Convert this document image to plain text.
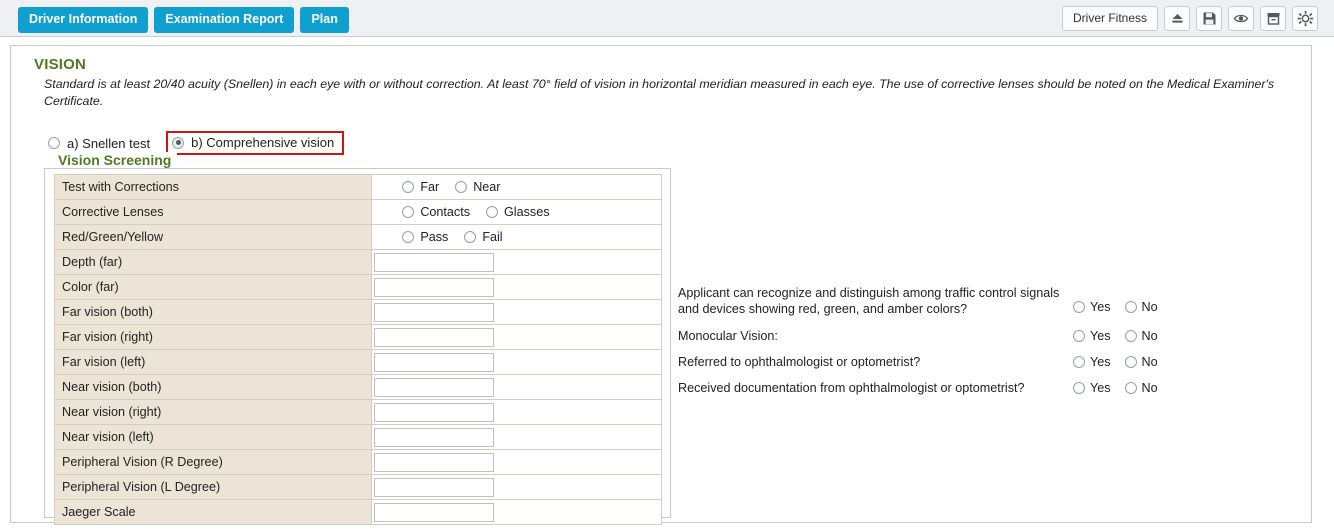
Driver Information	Examination Report	Plan	Driver Fitness
VISION
Standard is at least 20/40 acuity (Snellen) in each eye with or without correction. At least 70° field of vision in horizontal meridian measured in each eye. The use of corrective lenses should be noted on the Medical Examiner's Certificate.
a) Snellen test	b) Comprehensive vision
Vision Screening
Test with Corrections	Far Near

Corrective Lenses	Contacts Glasses

Red/Green/Yellow	Pass Fail

Depth (far)	

Color (far)	

Far vision (both)	

Far vision (right)	

Far vision (left)	

Near vision (both)	

Near vision (right)	

Near vision (left)	

Peripheral Vision (R Degree)	

Peripheral Vision (L Degree)	

Jaeger Scale	
Applicant can recognize and distinguish among traffic control signals and devices showing red, green, and amber colors?	Yes No
Monocular Vision:	Yes No
Referred to ophthalmologist or optometrist?	Yes No
Received documentation from ophthalmologist or optometrist?	Yes No
